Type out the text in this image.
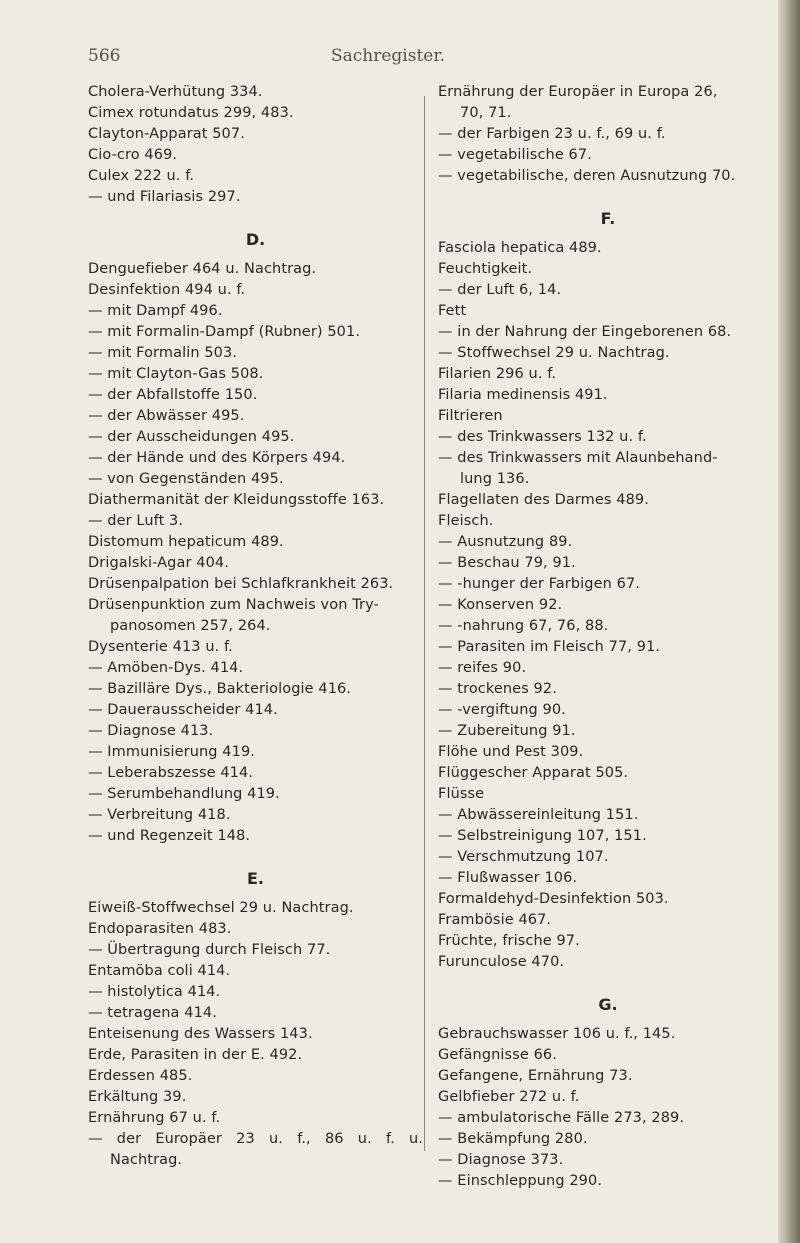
566	Sachregister.
Cholera-Verhütung 334.
Cimex rotundatus 299, 483.
Clayton-Apparat 507.
Cio-cro 469.
Culex 222 u. f.
— und Filariasis 297.
D.
Denguefieber 464 u. Nachtrag.
Desinfektion 494 u. f.
— mit Dampf 496.
— mit Formalin-Dampf (Rubner) 501.
— mit Formalin 503.
— mit Clayton-Gas 508.
— der Abfallstoffe 150.
— der Abwässer 495.
— der Ausscheidungen 495.
— der Hände und des Körpers 494.
— von Gegenständen 495.
Diathermanität der Kleidungsstoffe 163.
— der Luft 3.
Distomum hepaticum 489.
Drigalski-Agar 404.
Drüsenpalpation bei Schlafkrankheit 263.
Drüsenpunktion zum Nachweis von Try-
panosomen 257, 264.
Dysenterie 413 u. f.
— Amöben-Dys. 414.
— Bazilläre Dys., Bakteriologie 416.
— Dauerausscheider 414.
— Diagnose 413.
— Immunisierung 419.
— Leberabszesse 414.
— Serumbehandlung 419.
— Verbreitung 418.
— und Regenzeit 148.
E.
Eiweiß-Stoffwechsel 29 u. Nachtrag.
Endoparasiten 483.
— Übertragung durch Fleisch 77.
Entamöba coli 414.
— histolytica 414.
— tetragena 414.
Enteisenung des Wassers 143.
Erde, Parasiten in der E. 492.
Erdessen 485.
Erkältung 39.
Ernährung 67 u. f.
— der Europäer 23 u. f., 86 u. f. u.
Nachtrag.
Ernährung der Europäer in Europa 26,
70, 71.
— der Farbigen 23 u. f., 69 u. f.
— vegetabilische 67.
— vegetabilische, deren Ausnutzung 70.
F.
Fasciola hepatica 489.
Feuchtigkeit.
— der Luft 6, 14.
Fett
— in der Nahrung der Eingeborenen 68.
— Stoffwechsel 29 u. Nachtrag.
Filarien 296 u. f.
Filaria medinensis 491.
Filtrieren
— des Trinkwassers 132 u. f.
— des Trinkwassers mit Alaunbehand-
lung 136.
Flagellaten des Darmes 489.
Fleisch.
— Ausnutzung 89.
— Beschau 79, 91.
— -hunger der Farbigen 67.
— Konserven 92.
— -nahrung 67, 76, 88.
— Parasiten im Fleisch 77, 91.
— reifes 90.
— trockenes 92.
— -vergiftung 90.
— Zubereitung 91.
Flöhe und Pest 309.
Flüggescher Apparat 505.
Flüsse
— Abwässereinleitung 151.
— Selbstreinigung 107, 151.
— Verschmutzung 107.
— Flußwasser 106.
Formaldehyd-Desinfektion 503.
Frambösie 467.
Früchte, frische 97.
Furunculose 470.
G.
Gebrauchswasser 106 u. f., 145.
Gefängnisse 66.
Gefangene, Ernährung 73.
Gelbfieber 272 u. f.
— ambulatorische Fälle 273, 289.
— Bekämpfung 280.
— Diagnose 373.
— Einschleppung 290.
